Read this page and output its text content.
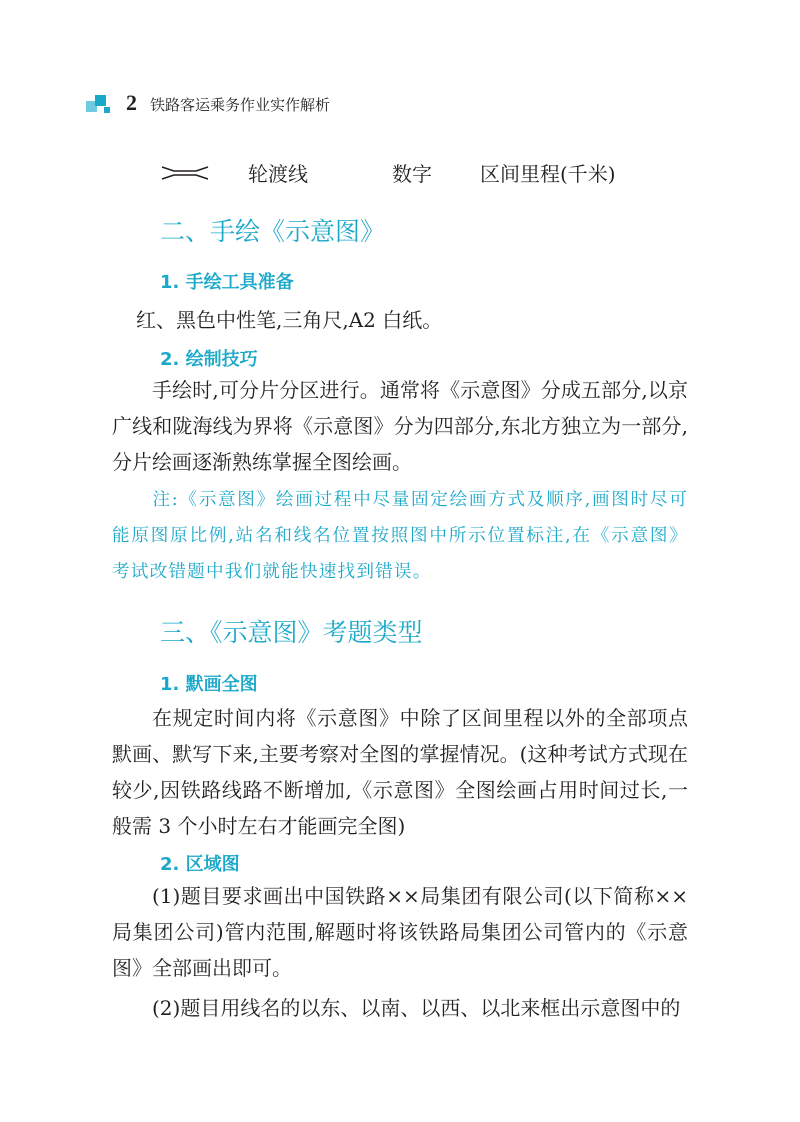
2 铁路客运乘务作业实作解析
轮渡线	数字 区间里程(千米)
二、手绘《示意图》
1. 手绘工具准备

红、黑色中性笔,三角尺,A2 白纸。

2. 绘制技巧

手绘时,可分片分区进行。通常将《示意图》分成五部分,以京广线和陇海线为界将《示意图》分为四部分,东北方独立为一部分,分片绘画逐渐熟练掌握全图绘画。

注:《示意图》绘画过程中尽量固定绘画方式及顺序,画图时尽可能原图原比例,站名和线名位置按照图中所示位置标注,在《示意图》考试改错题中我们就能快速找到错误。

三、《示意图》考题类型
1. 默画全图

在规定时间内将《示意图》中除了区间里程以外的全部项点默画、默写下来,主要考察对全图的掌握情况。(这种考试方式现在较少,因铁路线路不断增加,《示意图》全图绘画占用时间过长,一般需 3 个小时左右才能画完全图)

2. 区域图

(1)题目要求画出中国铁路××局集团有限公司(以下简称××局集团公司)管内范围,解题时将该铁路局集团公司管内的《示意图》全部画出即可。

(2)题目用线名的以东、以南、以西、以北来框出示意图中的
